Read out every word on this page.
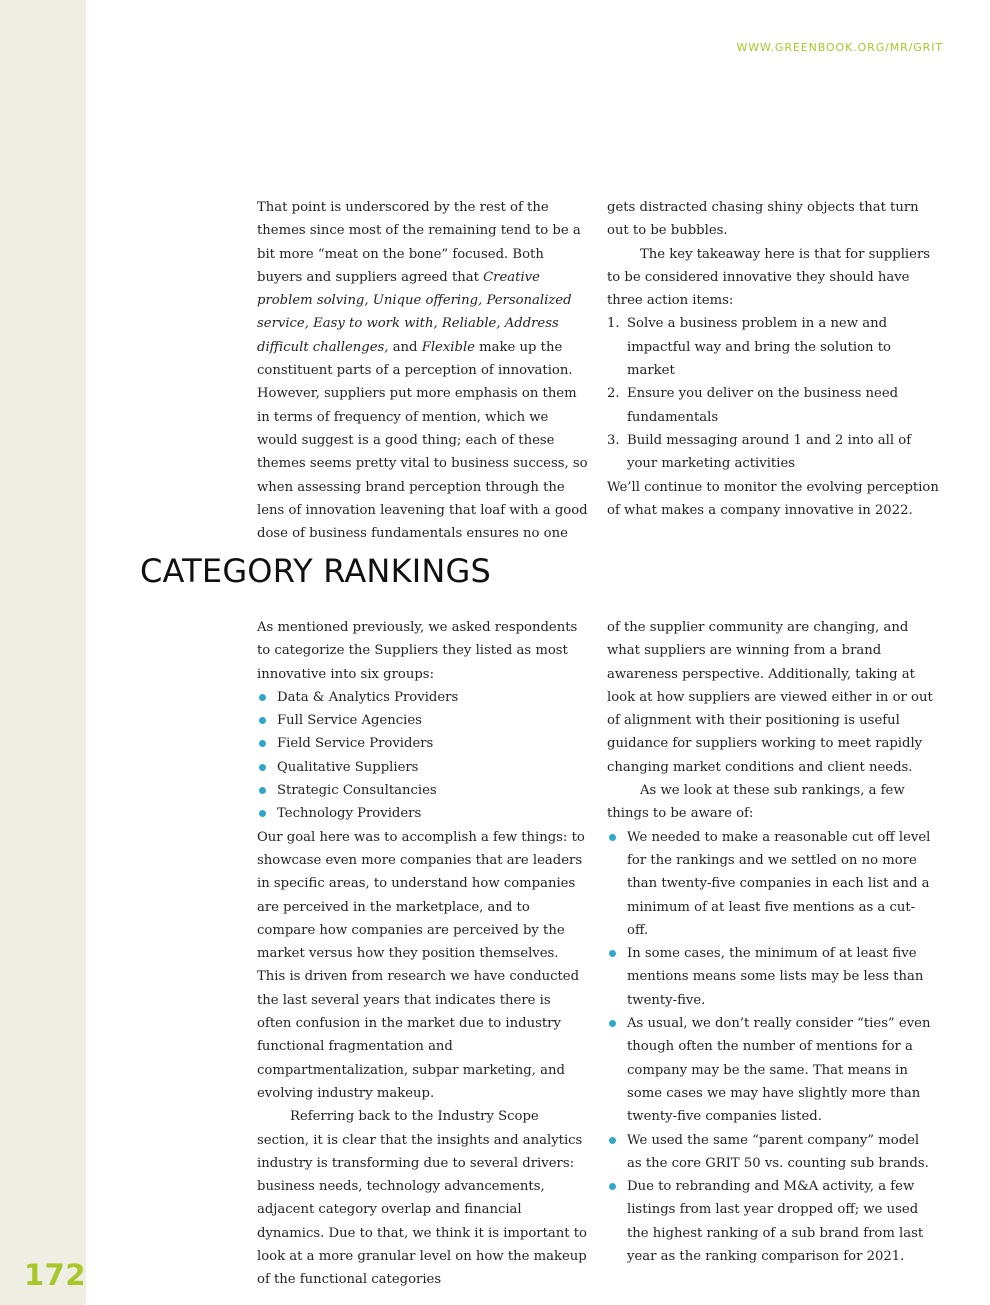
172
WWW.GREENBOOK.ORG/MR/GRIT

That point is underscored by the rest of the themes since most of the remaining tend to be a bit more “meat on the bone” focused. Both buyers and suppliers agreed that Creative problem solving, Unique offering, Personalized service, Easy to work with, Reliable, Address difficult challenges, and Flexible make up the constituent parts of a perception of innovation. However, suppliers put more emphasis on them in terms of frequency of mention, which we would suggest is a good thing; each of these themes seems pretty vital to business success, so when assessing brand perception through the lens of innovation leavening that loaf with a good dose of business fundamentals ensures no one

gets distracted chasing shiny objects that turn out to be bubbles.

The key takeaway here is that for suppliers to be considered innovative they should have three action items:

1. Solve a business problem in a new and impactful way and bring the solution to market
2. Ensure you deliver on the business need fundamentals
3. Build messaging around 1 and 2 into all of your marketing activities

We’ll continue to monitor the evolving perception of what makes a company innovative in 2022.

CATEGORY RANKINGS

As mentioned previously, we asked respondents to categorize the Suppliers they listed as most innovative into six groups:

Data & Analytics Providers
Full Service Agencies
Field Service Providers
Qualitative Suppliers
Strategic Consultancies
Technology Providers

Our goal here was to accomplish a few things: to showcase even more companies that are leaders in specific areas, to understand how companies are perceived in the marketplace, and to compare how companies are perceived by the market versus how they position themselves. This is driven from research we have conducted the last several years that indicates there is often confusion in the market due to industry functional fragmentation and compartmentalization, subpar marketing, and evolving industry makeup.

Referring back to the Industry Scope section, it is clear that the insights and analytics industry is transforming due to several drivers: business needs, technology advancements, adjacent category overlap and financial dynamics. Due to that, we think it is important to look at a more granular level on how the makeup of the functional categories

of the supplier community are changing, and what suppliers are winning from a brand awareness perspective. Additionally, taking at look at how suppliers are viewed either in or out of alignment with their positioning is useful guidance for suppliers working to meet rapidly changing market conditions and client needs.

As we look at these sub rankings, a few things to be aware of:

We needed to make a reasonable cut off level for the rankings and we settled on no more than twenty-five companies in each list and a minimum of at least five mentions as a cut-off.
In some cases, the minimum of at least five mentions means some lists may be less than twenty-five.
As usual, we don’t really consider “ties” even though often the number of mentions for a company may be the same. That means in some cases we may have slightly more than twenty-five companies listed.
We used the same “parent company” model as the core GRIT 50 vs. counting sub brands.
Due to rebranding and M&A activity, a few listings from last year dropped off; we used the highest ranking of a sub brand from last year as the ranking comparison for 2021.
